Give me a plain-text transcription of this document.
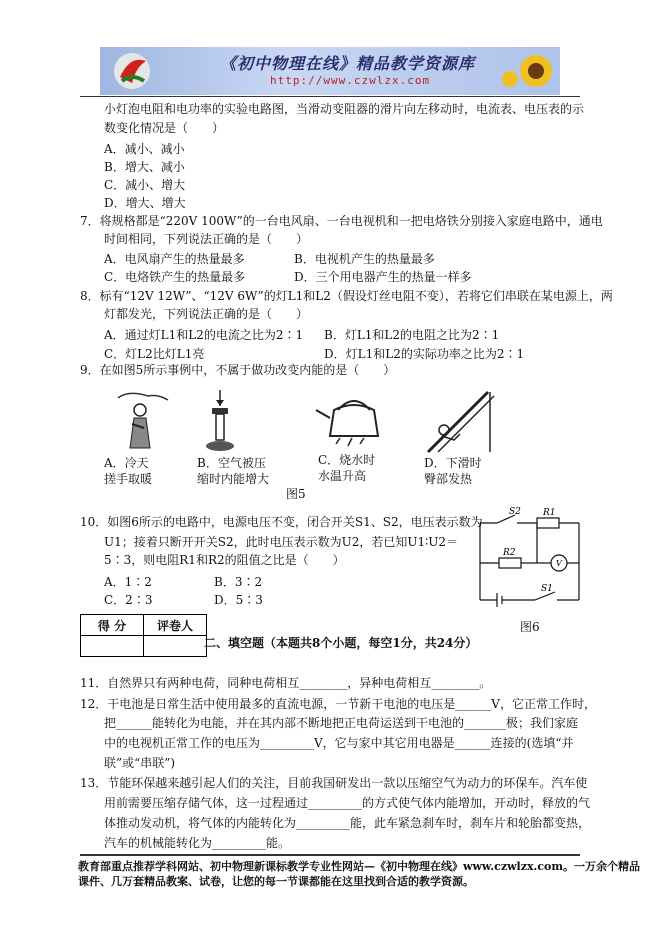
《初中物理在线》精品教学资源库
http://www.czwlzx.com
小灯泡电阻和电功率的实验电路图，当滑动变阻器的滑片向左移动时，电流表、电压表的示
数变化情况是（　　）
A．减小、减小
B．增大、减小
C．减小、增大
D．增大、增大
7．将规格都是“220V 100W”的一台电风扇、一台电视机和一把电烙铁分别接入家庭电路中，通电
时间相同，下列说法正确的是（　　）
A．电风扇产生的热量最多	B．电视机产生的热量最多
C．电烙铁产生的热量最多	D．三个用电器产生的热量一样多
8．标有“12V 12W”、“12V 6W”的灯L1和L2（假设灯丝电阻不变），若将它们串联在某电源上，两
灯都发光，下列说法正确的是（　　）
A．通过灯L1和L2的电流之比为2∶1 B．灯L1和L2的电阻之比为2∶1
C．灯L2比灯L1亮	D．灯L1和L2的实际功率之比为2∶1
9．在如图5所示事例中，不属于做功改变内能的是（　　）
A．冷天
搓手取暖
B．空气被压
缩时内能增大
C．烧水时
水温升高
D．下滑时
臀部发热
图5
10．如图6所示的电路中，电源电压不变，闭合开关S1、S2，电压表示数为
U1；接着只断开开关S2，此时电压表示数为U2，若已知U1∶U2＝
5∶3，则电阻R1和R2的阻值之比是（　　）
A．1∶2	B．3∶2
C．2∶3	D．5∶3
S2 R1
R2
V
S1
图6
得 分	评卷人

二、填空题（本题共8个小题，每空1分，共24分）
11．自然界只有两种电荷，同种电荷相互________，异种电荷相互________。
12．干电池是日常生活中使用最多的直流电源，一节新干电池的电压是______V，它正常工作时，
把______能转化为电能，并在其内部不断地把正电荷运送到干电池的_______极；我们家庭
中的电视机正常工作的电压为_________V，它与家中其它用电器是______连接的(选填“并
联”或“串联”)
13．节能环保越来越引起人们的关注，目前我国研发出一款以压缩空气为动力的环保车。汽车使
用前需要压缩存储气体，这一过程通过_________的方式使气体内能增加，开动时，释放的气
体推动发动机，将气体的内能转化为_________能，此车紧急刹车时，刹车片和轮胎都变热，
汽车的机械能转化为_________能。
教育部重点推荐学科网站、初中物理新课标教学专业性网站—《初中物理在线》www.czwlzx.com。一万余个精品
课件、几万套精品教案、试卷，让您的每一节课都能在这里找到合适的教学资源。
